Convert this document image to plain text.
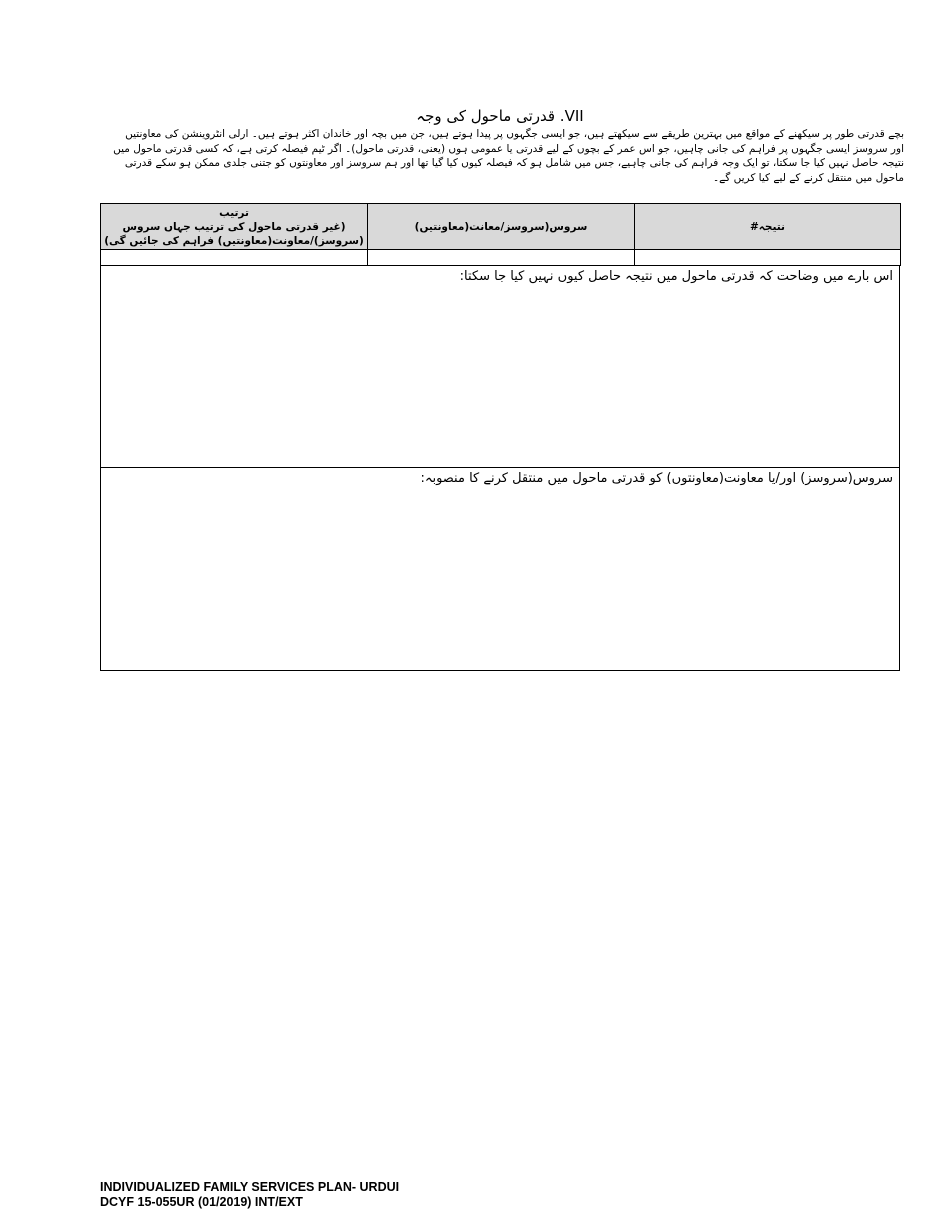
VII. قدرتی ماحول کی وجہ
بچے قدرتی طور پر سیکھنے کے مواقع میں بہترین طریقے سے سیکھتے ہیں، جو ایسی جگہوں پر پیدا ہوتے ہیں، جن میں بچہ اور خاندان اکثر ہوتے ہیں۔ ارلی انٹروینشن کی معاونتیں
اور سروسز ایسی جگہوں پر فراہم کی جانی چاہیں، جو اس عمر کے بچوں کے لیے قدرتی یا عمومی ہوں (یعنی، قدرتی ماحول)۔ اگر ٹیم فیصلہ کرتی ہے، کہ کسی قدرتی ماحول میں
نتیجہ حاصل نہیں کیا جا سکتا، تو ایک وجہ فراہم کی جانی چاہیے، جس میں شامل ہو کہ فیصلہ کیوں کیا گیا تھا اور ہم سروسز اور معاونتوں کو جتنی جلدی ممکن ہو سکے قدرتی
ماحول میں منتقل کرنے کے لیے کیا کریں گے۔
نتیجہ#	سروس(سروسز/معانت(معاونتیں)	ترتیب
(غیر قدرتی ماحول کی ترتیب جہاں سروس
(سروسز)/معاونت(معاونتیں) فراہم کی جائیں گی)

اس بارے میں وضاحت کہ قدرتی ماحول میں نتیجہ حاصل کیوں نہیں کیا جا سکتا:
سروس(سروسز) اور/یا معاونت(معاونتوں) کو قدرتی ماحول میں منتقل کرنے کا منصوبہ:
INDIVIDUALIZED FAMILY SERVICES PLAN- URDUI
DCYF 15-055UR (01/2019) INT/EXT
